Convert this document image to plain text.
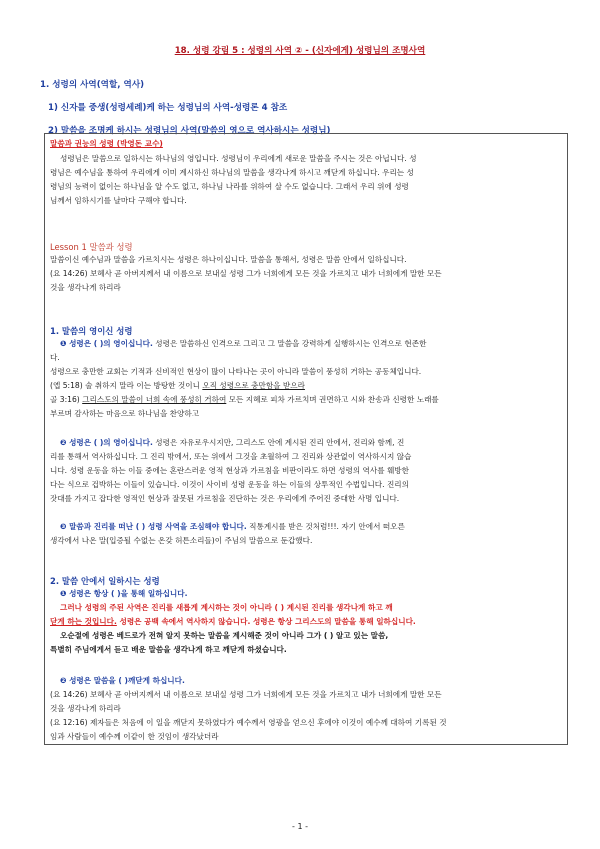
18. 성령 강림 5 : 성령의 사역 ② - (신자에게) 성령님의 조명사역
1. 성령의 사역(역할, 역사)
1) 신자를 중생(성령세례)케 하는 성령님의 사역-성령론 4 참조
2) 말씀을 조명케 하시는 성령님의 사역(말씀의 영으로 역사하시는 성령님)
말씀과 권능의 성령 (박영돈 교수)
성령님은 말씀으로 일하시는 하나님의 영입니다. 성령님이 우리에게 새로운 말씀을 주시는 것은 아닙니다. 성
령님은 예수님을 통하여 우리에게 이미 계시하신 하나님의 말씀을 생각나게 하시고 깨닫게 하십니다. 우리는 성
령님의 능력이 없이는 하나님을 알 수도 없고, 하나님 나라를 위하여 살 수도 없습니다. 그래서 우리 위에 성령
님께서 임하시기를 날마다 구해야 합니다.
Lesson 1 말씀과 성령
말씀이신 예수님과 말씀을 가르치시는 성령은 하나이십니다. 말씀을 통해서, 성령은 말씀 안에서 일하십니다.
(요 14:26) 보혜사 곧 아버지께서 내 이름으로 보내실 성령 그가 너희에게 모든 것을 가르치고 내가 너희에게 말한 모든
것을 생각나게 하리라
1. 말씀의 영이신 성령
❶ 성령은 ( )의 영이십니다. 성령은 말씀하신 인격으로 그리고 그 말씀을 강력하게 실행하시는 인격으로 현존한
다.
성령으로 충만한 교회는 기적과 신비적인 현상이 많이 나타나는 곳이 아니라 말씀이 풍성히 거하는 공동체입니다.
(엡 5:18) 술 취하지 말라 이는 방탕한 것이니 오직 성령으로 충만함을 받으라
골 3:16) 그리스도의 말씀이 너희 속에 풍성히 거하여 모든 지혜로 피차 가르치며 권면하고 시와 찬송과 신령한 노래를
부르며 감사하는 마음으로 하나님을 찬양하고
❷ 성령은 ( )의 영이십니다. 성령은 자유로우시지만, 그리스도 안에 계시된 진리 안에서, 진리와 함께, 진
리를 통해서 역사하십니다. 그 진리 밖에서, 또는 위에서 그것을 초월하여 그 진리와 상관없이 역사하시지 않습
니다. 성령 운동을 하는 이들 중에는 혼란스러운 영적 현상과 가르침을 비판이라도 하면 성령의 역사를 훼방한
다는 식으로 겁박하는 이들이 있습니다. 이것이 사이비 성령 운동을 하는 이들의 상투적인 수법입니다. 진리의
잣대를 가지고 잡다한 영적인 현상과 잘못된 가르침을 진단하는 것은 우리에게 주어진 중대한 사명 입니다.
❸ 말씀과 진리를 떠난 ( ) 성령 사역을 조심해야 합니다. 직통계시를 받은 것처럼!!!. 자기 안에서 떠오른
생각에서 나온 말(입증될 수없는 온갖 허튼소리들)이 주님의 말씀으로 둔갑했다.
2. 말씀 안에서 일하시는 성령
❶ 성령은 항상 ( )을 통해 일하십니다.
그러나 성령의 주된 사역은 진리를 새롭게 계시하는 것이 아니라 ( ) 계시된 진리를 생각나게 하고 깨
닫게 하는 것입니다. 성령은 공백 속에서 역사하지 않습니다. 성령은 항상 그리스도의 말씀을 통해 일하십니다.
오순절에 성령은 베드로가 전혀 알지 못하는 말씀을 계시해준 것이 아니라 그가 ( ) 알고 있는 말씀,
특별히 주님에게서 듣고 배운 말씀을 생각나게 하고 깨닫게 하셨습니다.
❷ 성령은 말씀을 ( )깨닫게 하십니다.
(요 14:26) 보혜사 곧 아버지께서 내 이름으로 보내실 성령 그가 너희에게 모든 것을 가르치고 내가 너희에게 말한 모든
것을 생각나게 하리라
(요 12:16) 제자들은 처음에 이 일을 깨닫지 못하였다가 예수께서 영광을 얻으신 후에야 이것이 예수께 대하여 기록된 것
임과 사람들이 예수께 이같이 한 것임이 생각났더라
- 1 -
